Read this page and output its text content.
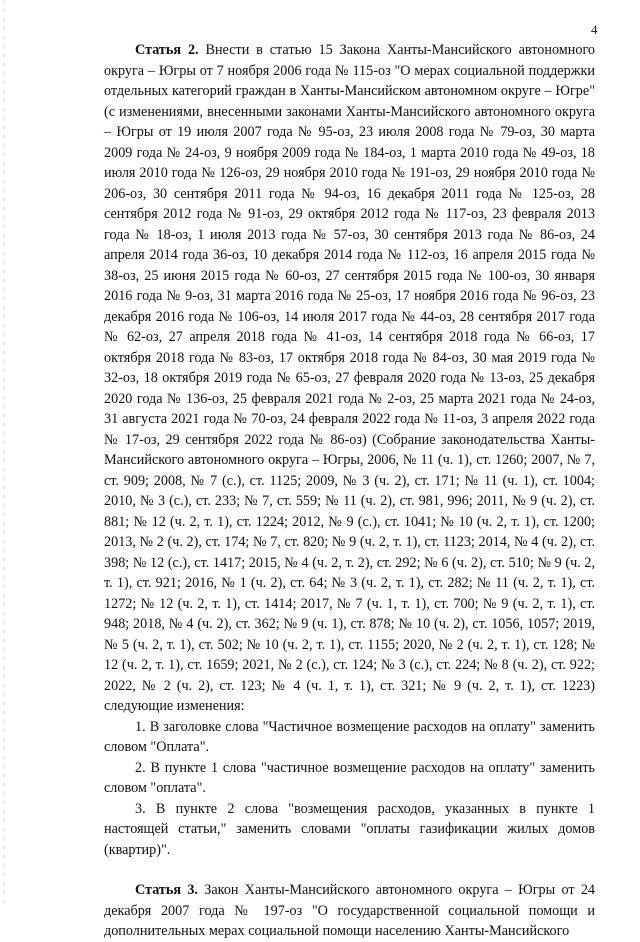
4

Статья 2. Внести в статью 15 Закона Ханты-Мансийского автономного округа – Югры от 7 ноября 2006 года № 115-оз "О мерах социальной поддержки отдельных категорий граждан в Ханты-Мансийском автономном округе – Югре" (с изменениями, внесенными законами Ханты-Мансийского автономного округа – Югры от 19 июля 2007 года № 95-оз, 23 июля 2008 года № 79-оз, 30 марта 2009 года № 24-оз, 9 ноября 2009 года № 184-оз, 1 марта 2010 года № 49-оз, 18 июля 2010 года № 126-оз, 29 ноября 2010 года № 191-оз, 29 ноября 2010 года № 206-оз, 30 сентября 2011 года № 94-оз, 16 декабря 2011 года № 125-оз, 28 сентября 2012 года № 91-оз, 29 октября 2012 года № 117-оз, 23 февраля 2013 года № 18-оз, 1 июля 2013 года № 57-оз, 30 сентября 2013 года № 86-оз, 24 апреля 2014 года 36-оз, 10 декабря 2014 года № 112-оз, 16 апреля 2015 года № 38-оз, 25 июня 2015 года № 60-оз, 27 сентября 2015 года № 100-оз, 30 января 2016 года № 9-оз, 31 марта 2016 года № 25-оз, 17 ноября 2016 года № 96-оз, 23 декабря 2016 года № 106-оз, 14 июля 2017 года № 44-оз, 28 сентября 2017 года № 62-оз, 27 апреля 2018 года № 41-оз, 14 сентября 2018 года № 66-оз, 17 октября 2018 года № 83-оз, 17 октября 2018 года № 84-оз, 30 мая 2019 года № 32-оз, 18 октября 2019 года № 65-оз, 27 февраля 2020 года № 13-оз, 25 декабря 2020 года № 136-оз, 25 февраля 2021 года № 2-оз, 25 марта 2021 года № 24-оз, 31 августа 2021 года № 70-оз, 24 февраля 2022 года № 11-оз, 3 апреля 2022 года № 17-оз, 29 сентября 2022 года № 86-оз) (Собрание законодательства Ханты-Мансийского автономного округа – Югры, 2006, № 11 (ч. 1), ст. 1260; 2007, № 7, ст. 909; 2008, № 7 (с.), ст. 1125; 2009, № 3 (ч. 2), ст. 171; № 11 (ч. 1), ст. 1004; 2010, № 3 (с.), ст. 233; № 7, ст. 559; № 11 (ч. 2), ст. 981, 996; 2011, № 9 (ч. 2), ст. 881; № 12 (ч. 2, т. 1), ст. 1224; 2012, № 9 (с.), ст. 1041; № 10 (ч. 2, т. 1), ст. 1200; 2013, № 2 (ч. 2), ст. 174; № 7, ст. 820; № 9 (ч. 2, т. 1), ст. 1123; 2014, № 4 (ч. 2), ст. 398; № 12 (с.), ст. 1417; 2015, № 4 (ч. 2, т. 2), ст. 292; № 6 (ч. 2), ст. 510; № 9 (ч. 2, т. 1), ст. 921; 2016, № 1 (ч. 2), ст. 64; № 3 (ч. 2, т. 1), ст. 282; № 11 (ч. 2, т. 1), ст. 1272; № 12 (ч. 2, т. 1), ст. 1414; 2017, № 7 (ч. 1, т. 1), ст. 700; № 9 (ч. 2, т. 1), ст. 948; 2018, № 4 (ч. 2), ст. 362; № 9 (ч. 1), ст. 878; № 10 (ч. 2), ст. 1056, 1057; 2019, № 5 (ч. 2, т. 1), ст. 502; № 10 (ч. 2, т. 1), ст. 1155; 2020, № 2 (ч. 2, т. 1), ст. 128; № 12 (ч. 2, т. 1), ст. 1659; 2021, № 2 (с.), ст. 124; № 3 (с.), ст. 224; № 8 (ч. 2), ст. 922; 2022, № 2 (ч. 2), ст. 123; № 4 (ч. 1, т. 1), ст. 321; № 9 (ч. 2, т. 1), ст. 1223) следующие изменения:

1. В заголовке слова "Частичное возмещение расходов на оплату" заменить словом "Оплата".

2. В пункте 1 слова "частичное возмещение расходов на оплату" заменить словом "оплата".

3. В пункте 2 слова "возмещения расходов, указанных в пункте 1 настоящей статьи," заменить словами "оплаты газификации жилых домов (квартир)".

Статья 3. Закон Ханты-Мансийского автономного округа – Югры от 24 декабря 2007 года № 197-оз "О государственной социальной помощи и дополнительных мерах социальной помощи населению Ханты-Мансийского
